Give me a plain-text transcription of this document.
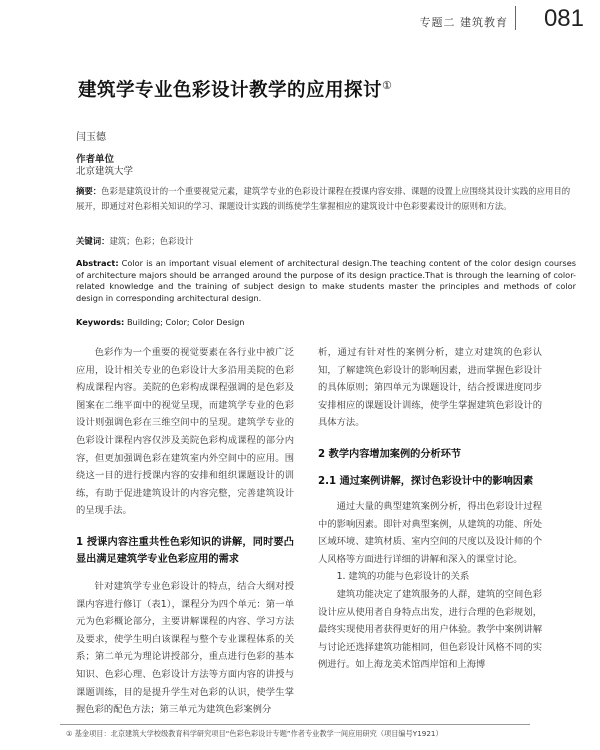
专题二 建筑教育 081
建筑学专业色彩设计教学的应用探讨①
闫玉德
作者单位
北京建筑大学
摘要：色彩是建筑设计的一个重要视觉元素，建筑学专业的色彩设计课程在授课内容安排、课题的设置上应围绕其设计实践的应用目的展开，即通过对色彩相关知识的学习、课题设计实践的训练使学生掌握相应的建筑设计中色彩要素设计的原则和方法。
关键词：建筑；色彩；色彩设计
Abstract: Color is an important visual element of architectural design.The teaching content of the color design courses of architecture majors should be arranged around the purpose of its design practice.That is through the learning of color-related knowledge and the training of subject design to make students master the principles and methods of color design in corresponding architectural design.
Keywords: Building; Color; Color Design

色彩作为一个重要的视觉要素在各行业中被广泛应用，设计相关专业的色彩设计大多沿用美院的色彩构成课程内容。美院的色彩构成课程强调的是色彩及图案在二维平面中的视觉呈现，而建筑学专业的色彩设计则强调色彩在三维空间中的呈现。建筑学专业的色彩设计课程内容仅涉及美院色彩构成课程的部分内容，但更加强调色彩在建筑室内外空间中的应用。围绕这一目的进行授课内容的安排和组织课题设计的训练，有助于促进建筑设计的内容完整，完善建筑设计的呈现手法。

1 授课内容注重共性色彩知识的讲解，同时要凸显出满足建筑学专业色彩应用的需求

针对建筑学专业色彩设计的特点，结合大纲对授课内容进行修订（表1），课程分为四个单元：第一单元为色彩概论部分，主要讲解课程的内容、学习方法及要求，使学生明白该课程与整个专业课程体系的关系；第二单元为理论讲授部分，重点进行色彩的基本知识、色彩心理、色彩设计方法等方面内容的讲授与课题训练，目的是提升学生对色彩的认识，使学生掌握色彩的配色方法；第三单元为建筑色彩案例分

析，通过有针对性的案例分析，建立对建筑的色彩认知，了解建筑色彩设计的影响因素，进而掌握色彩设计的具体原则；第四单元为课题设计，结合授课进度同步安排相应的课题设计训练，使学生掌握建筑色彩设计的具体方法。

2 教学内容增加案例的分析环节

2.1 通过案例讲解，探讨色彩设计中的影响因素

通过大量的典型建筑案例分析，得出色彩设计过程中的影响因素。即针对典型案例，从建筑的功能、所处区域环境、建筑材质、室内空间的尺度以及设计师的个人风格等方面进行详细的讲解和深入的课堂讨论。

1. 建筑的功能与色彩设计的关系

建筑功能决定了建筑服务的人群，建筑的空间色彩设计应从使用者自身特点出发，进行合理的色彩规划，最终实现使用者获得更好的用户体验。教学中案例讲解与讨论还选择建筑功能相同，但色彩设计风格不同的实例进行。如上海龙美术馆西岸馆和上海博

① 基金项目：北京建筑大学校级教育科学研究项目“色彩色彩设计专题”作者专业教学一间应用研究（项目编号Y1921）
